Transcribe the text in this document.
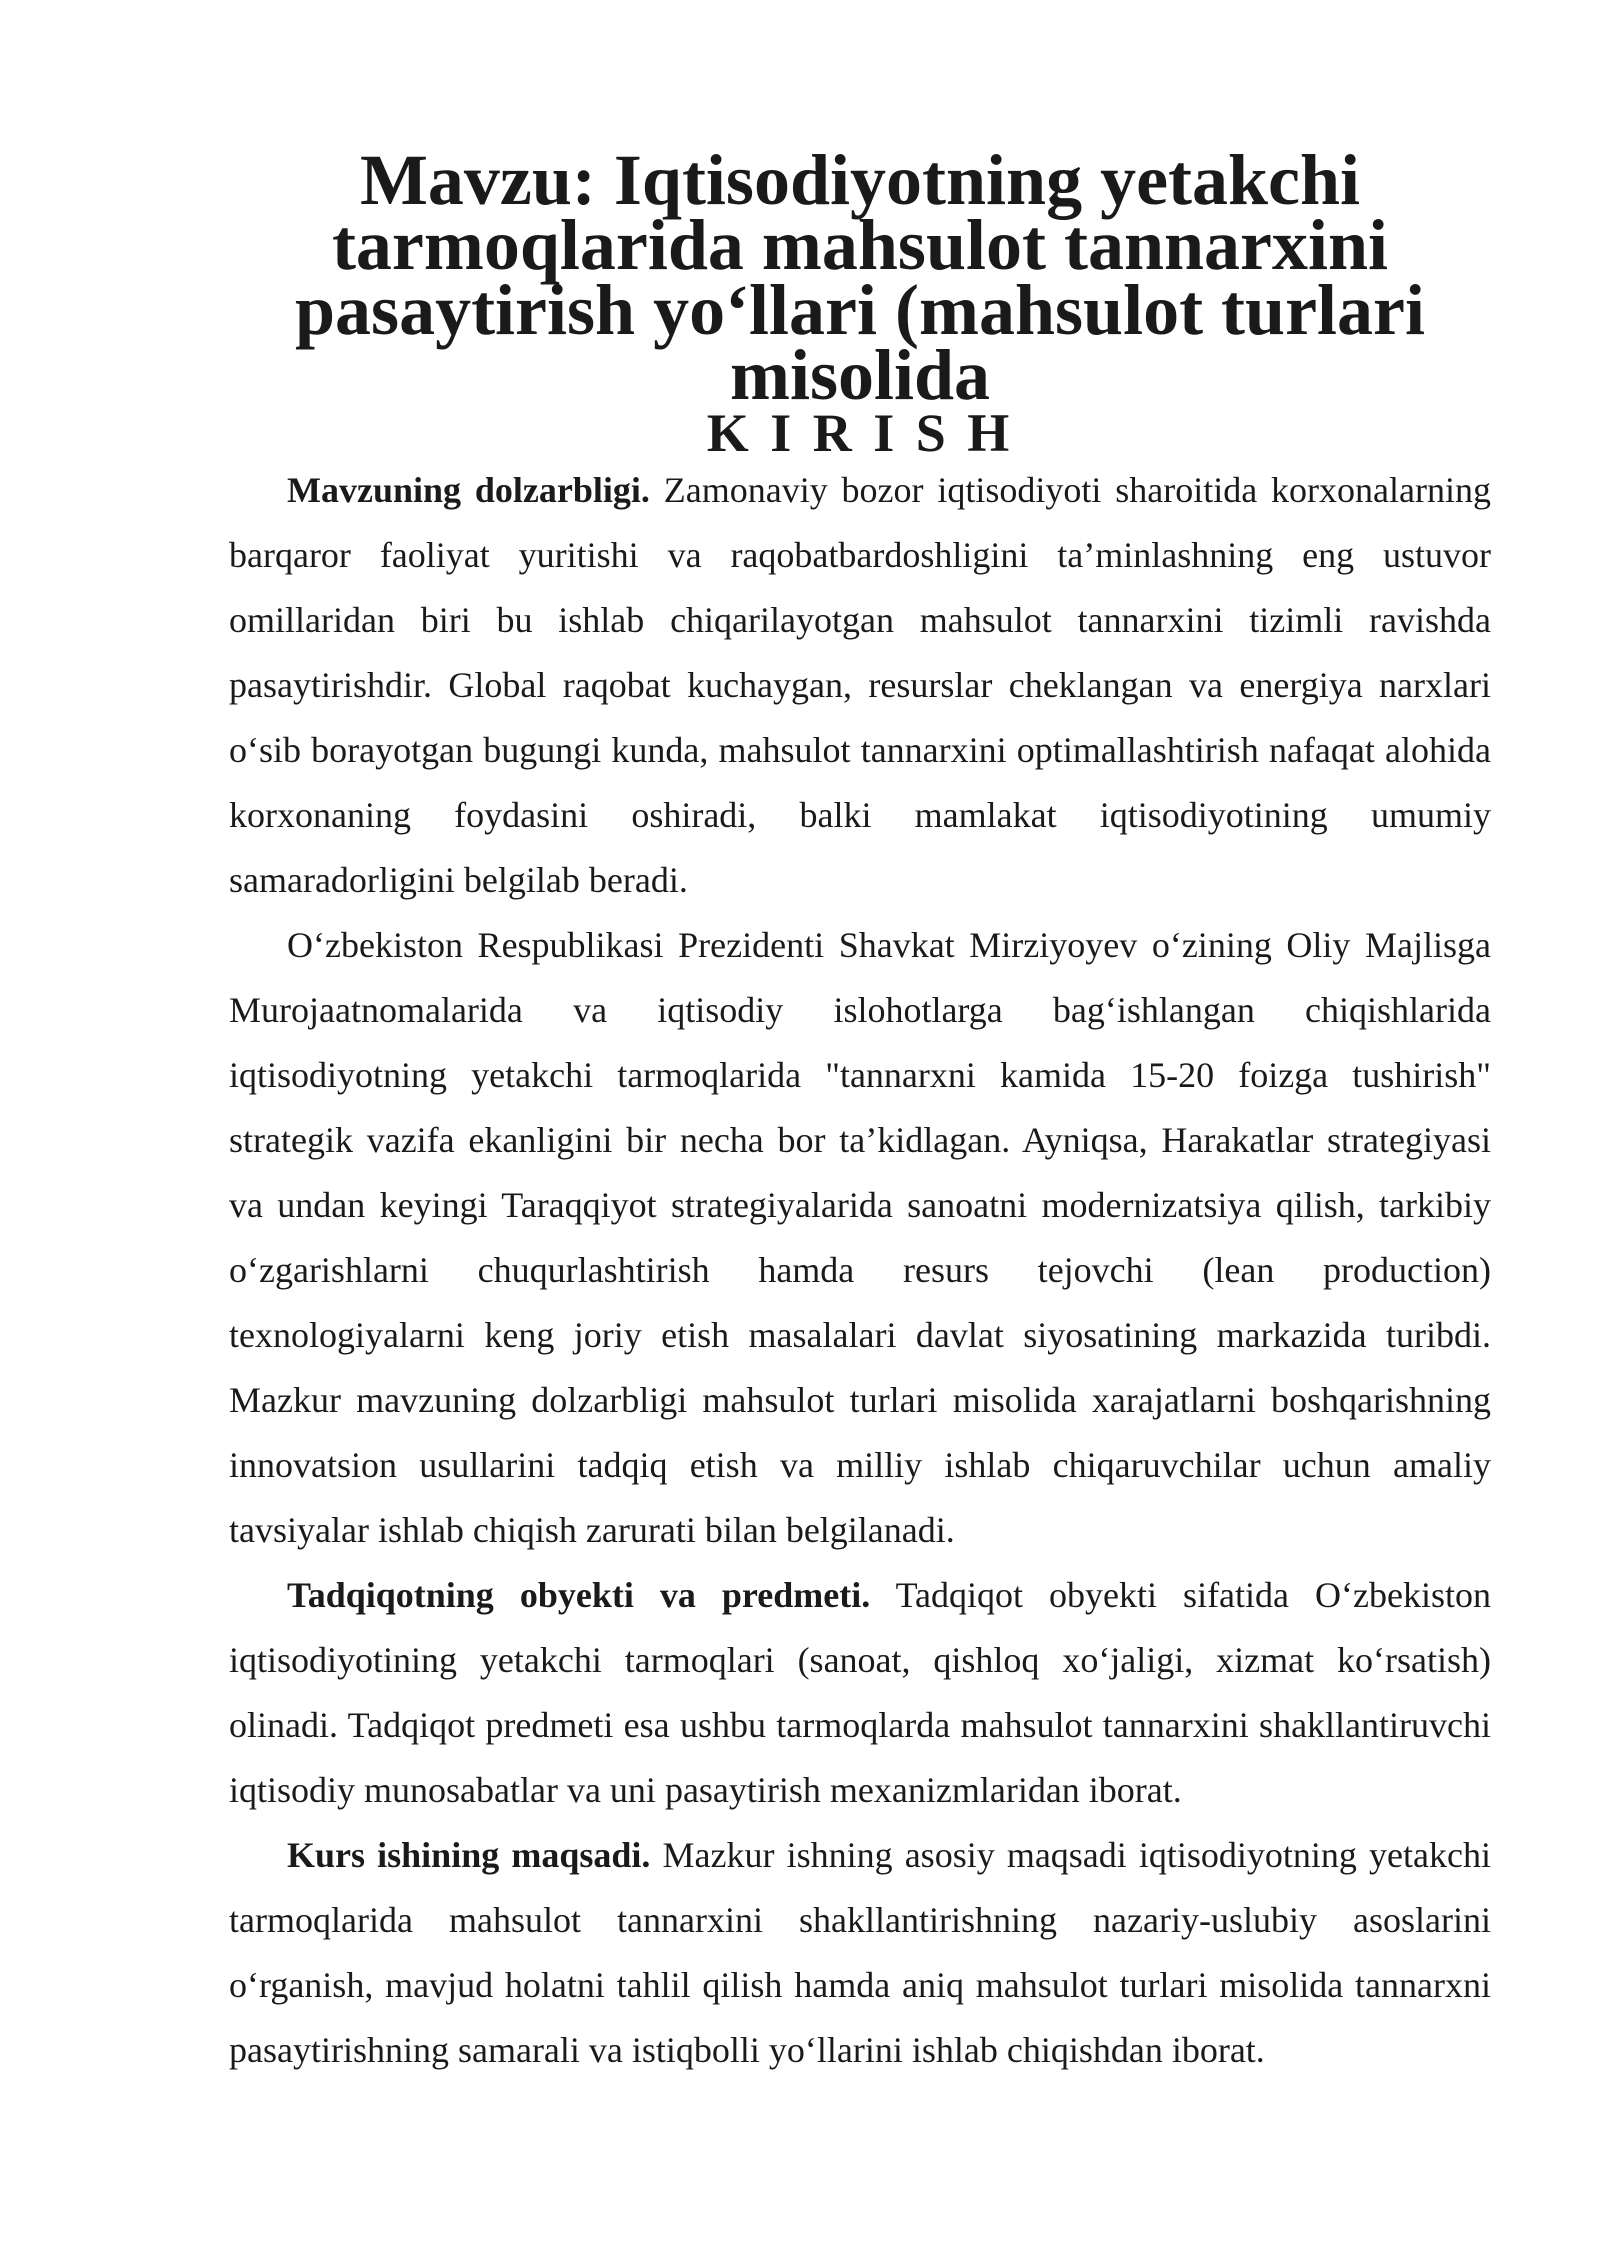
Mavzu: Iqtisodiyotning yetakchi tarmoqlarida mahsulot tannarxini pasaytirish yo‘llari (mahsulot turlari misolida
K I R I S H

Mavzuning dolzarbligi. Zamonaviy bozor iqtisodiyoti sharoitida korxonalarning barqaror faoliyat yuritishi va raqobatbardoshligini ta’minlashning eng ustuvor omillaridan biri bu ishlab chiqarilayotgan mahsulot tannarxini tizimli ravishda pasaytirishdir. Global raqobat kuchaygan, resurslar cheklangan va energiya narxlari o‘sib borayotgan bugungi kunda, mahsulot tannarxini optimallashtirish nafaqat alohida korxonaning foydasini oshiradi, balki mamlakat iqtisodiyotining umumiy samaradorligini belgilab beradi.

O‘zbekiston Respublikasi Prezidenti Shavkat Mirziyoyev o‘zining Oliy Majlisga Murojaatnomalarida va iqtisodiy islohotlarga bag‘ishlangan chiqishlarida iqtisodiyotning yetakchi tarmoqlarida "tannarxni kamida 15-20 foizga tushirish" strategik vazifa ekanligini bir necha bor ta’kidlagan. Ayniqsa, Harakatlar strategiyasi va undan keyingi Taraqqiyot strategiyalarida sanoatni modernizatsiya qilish, tarkibiy o‘zgarishlarni chuqurlashtirish hamda resurs tejovchi (lean production) texnologiyalarni keng joriy etish masalalari davlat siyosatining markazida turibdi. Mazkur mavzuning dolzarbligi mahsulot turlari misolida xarajatlarni boshqarishning innovatsion usullarini tadqiq etish va milliy ishlab chiqaruvchilar uchun amaliy tavsiyalar ishlab chiqish zarurati bilan belgilanadi.

Tadqiqotning obyekti va predmeti. Tadqiqot obyekti sifatida O‘zbekiston iqtisodiyotining yetakchi tarmoqlari (sanoat, qishloq xo‘jaligi, xizmat ko‘rsatish) olinadi. Tadqiqot predmeti esa ushbu tarmoqlarda mahsulot tannarxini shakllantiruvchi iqtisodiy munosabatlar va uni pasaytirish mexanizmlaridan iborat.

Kurs ishining maqsadi. Mazkur ishning asosiy maqsadi iqtisodiyotning yetakchi tarmoqlarida mahsulot tannarxini shakllantirishning nazariy-uslubiy asoslarini o‘rganish, mavjud holatni tahlil qilish hamda aniq mahsulot turlari misolida tannarxni pasaytirishning samarali va istiqbolli yo‘llarini ishlab chiqishdan iborat.
